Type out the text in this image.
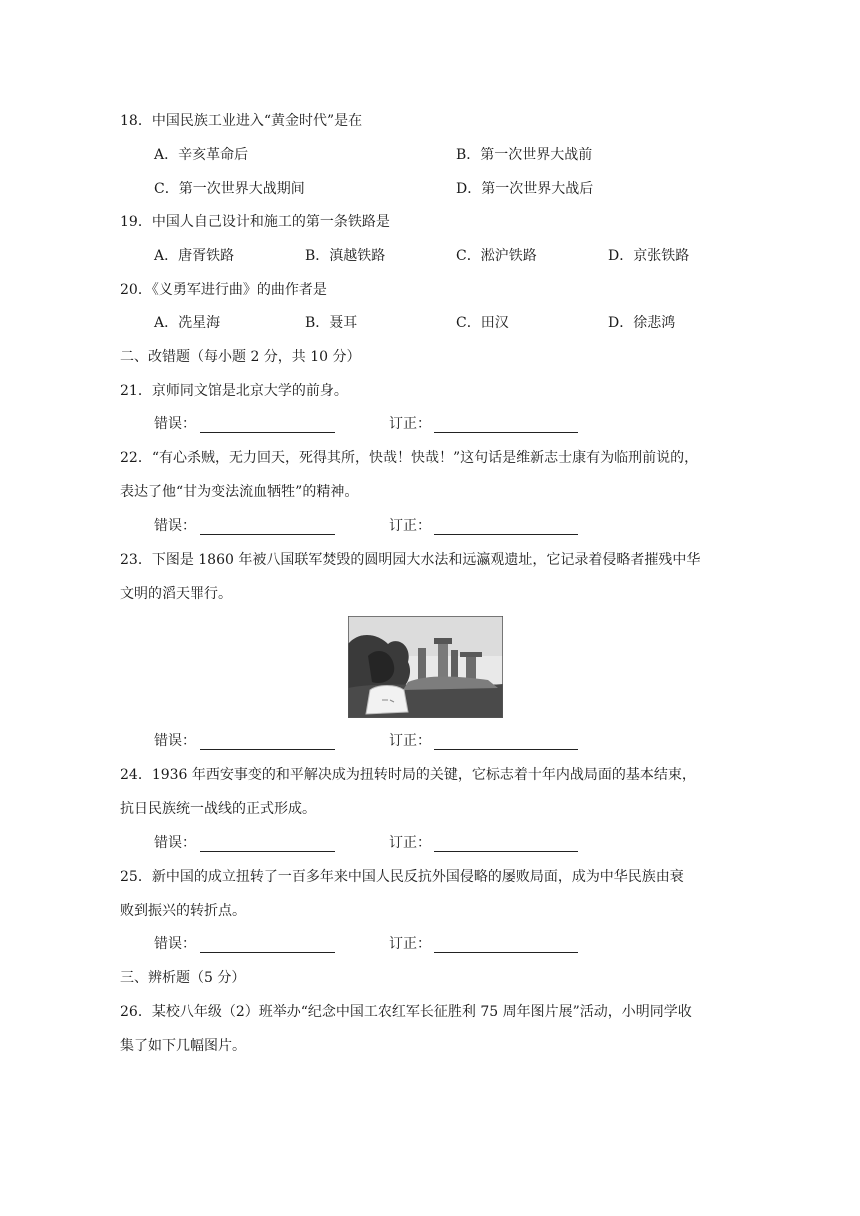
18．中国民族工业进入“黄金时代”是在
A．辛亥革命后	B．第一次世界大战前
C．第一次世界大战期间	D．第一次世界大战后
19．中国人自己设计和施工的第一条铁路是
A．唐胥铁路	B．滇越铁路	C．淞沪铁路	D．京张铁路
20．《义勇军进行曲》的曲作者是
A．冼星海	B．聂耳	C．田汉	D．徐悲鸿
二、改错题（每小题 2 分，共 10 分）
21．京师同文馆是北京大学的前身。
错误：	订正：
22．“有心杀贼，无力回天，死得其所，快哉！快哉！”这句话是维新志士康有为临刑前说的，
表达了他“甘为变法流血牺牲”的精神。
错误：	订正：
23．下图是 1860 年被八国联军焚毁的圆明园大水法和远瀛观遗址，它记录着侵略者摧残中华
文明的滔天罪行。
错误：	订正：
24．1936 年西安事变的和平解决成为扭转时局的关键，它标志着十年内战局面的基本结束，
抗日民族统一战线的正式形成。
错误：	订正：
25．新中国的成立扭转了一百多年来中国人民反抗外国侵略的屡败局面，成为中华民族由衰
败到振兴的转折点。
错误：	订正：
三、辨析题（5 分）
26．某校八年级（2）班举办“纪念中国工农红军长征胜利 75 周年图片展”活动，小明同学收
集了如下几幅图片。
